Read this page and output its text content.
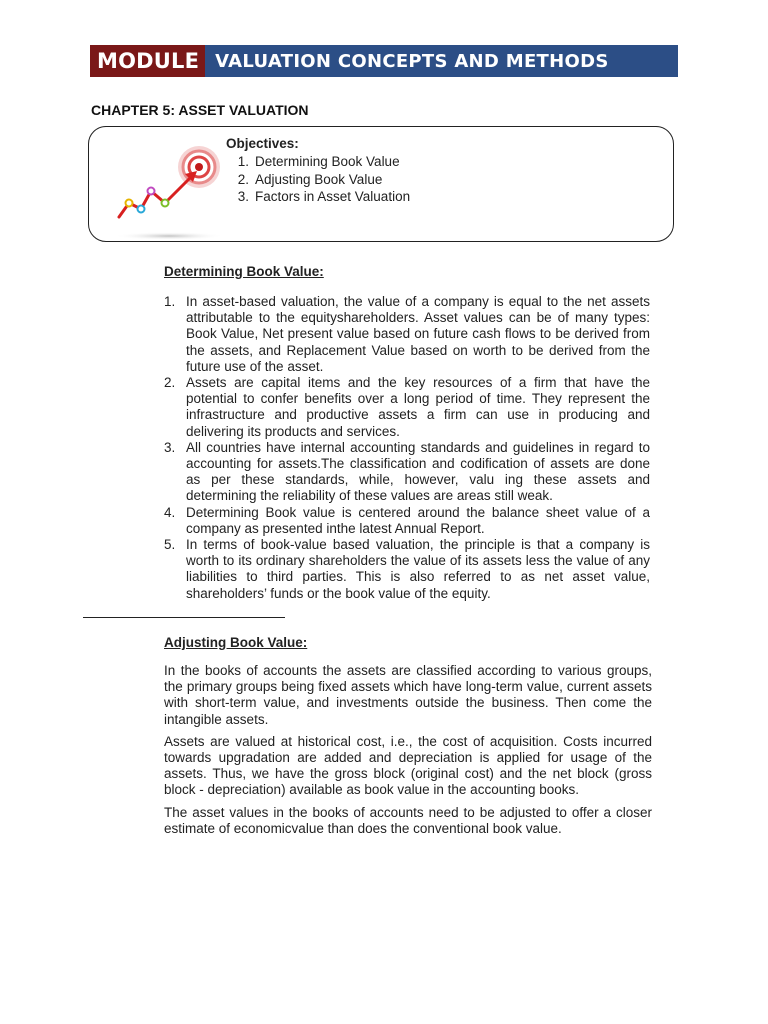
MODULE VALUATION CONCEPTS AND METHODS
CHAPTER 5: ASSET VALUATION
Objectives:
1. Determining Book Value
2. Adjusting Book Value
3. Factors in Asset Valuation
Determining Book Value:
1. In asset-based valuation, the value of a company is equal to the net assets attributable to the equityshareholders. Asset values can be of many types: Book Value, Net present value based on future cash flows to be derived from the assets, and Replacement Value based on worth to be derived from the future use of the asset.
2. Assets are capital items and the key resources of a firm that have the potential to confer benefits over a long period of time. They represent the infrastructure and productive assets a firm can use in producing and delivering its products and services.
3. All countries have internal accounting standards and guidelines in regard to accounting for assets.The classification and codification of assets are done as per these standards, while, however, valu ing these assets and determining the reliability of these values are areas still weak.
4. Determining Book value is centered around the balance sheet value of a company as presented inthe latest Annual Report.
5. In terms of book-value based valuation, the principle is that a company is worth to its ordinary shareholders the value of its assets less the value of any liabilities to third parties. This is also referred to as net asset value, shareholders’ funds or the book value of the equity.
Adjusting Book Value:

In the books of accounts the assets are classified according to various groups, the primary groups being fixed assets which have long-term value, current assets with short-term value, and investments outside the business. Then come the intangible assets.

Assets are valued at historical cost, i.e., the cost of acquisition. Costs incurred towards upgradation are added and depreciation is applied for usage of the assets. Thus, we have the gross block (original cost) and the net block (gross block - depreciation) available as book value in the accounting books.

The asset values in the books of accounts need to be adjusted to offer a closer estimate of economicvalue than does the conventional book value.
